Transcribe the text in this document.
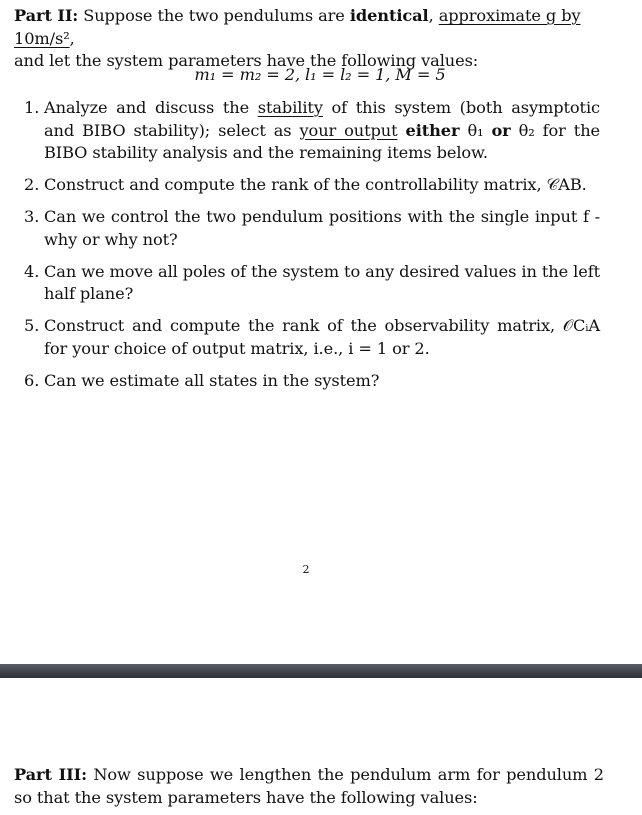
Part II: Suppose the two pendulums are identical, approximate g by 10m/s²,
and let the system parameters have the following values:
m₁ = m₂ = 2, l₁ = l₂ = 1, M = 5
1. Analyze and discuss the stability of this system (both asymptotic and BIBO stability); select as your output either θ₁ or θ₂ for the BIBO stability analysis and the remaining items below.
2. Construct and compute the rank of the controllability matrix, 𝒞AB.
3. Can we control the two pendulum positions with the single input f - why or why not?
4. Can we move all poles of the system to any desired values in the left half plane?
5. Construct and compute the rank of the observability matrix, 𝒪CᵢA for your choice of output matrix, i.e., i = 1 or 2.
6. Can we estimate all states in the system?
2
Part III: Now suppose we lengthen the pendulum arm for pendulum 2 so that the system parameters have the following values:
